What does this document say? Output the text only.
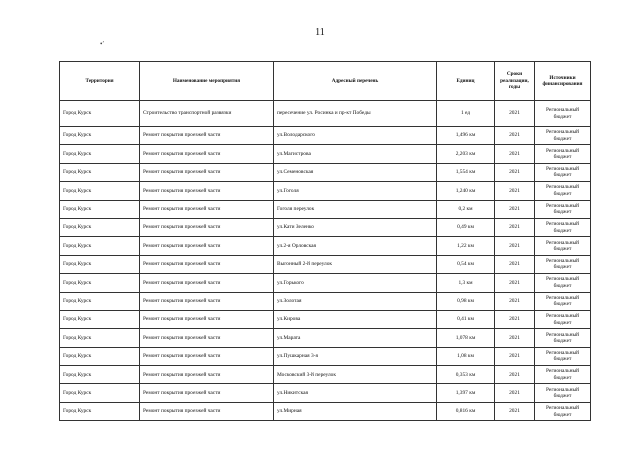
11
•′
Территория	Наименование мероприятия	Адресный перечень	Единиц	Сроки реализации, годы	Источники финансирования
Город Курск	Строительство транспортной развязки	пересечение ул. Росинка и пр-кт Победы	1 ед	2021	Региональный бюджет
Город Курск	Ремонт покрытия проезжей части	ул.Володарского	1,496 км	2021	Региональный бюджет
Город Курск	Ремонт покрытия проезжей части	ул.Магистрова	2,203 км	2021	Региональный бюджет
Город Курск	Ремонт покрытия проезжей части	ул.Семеновская	1,554 км	2021	Региональный бюджет
Город Курск	Ремонт покрытия проезжей части	ул.Гоголя	1,240 км	2021	Региональный бюджет
Город Курск	Ремонт покрытия проезжей части	Гоголя переулок	0,2 км	2021	Региональный бюджет
Город Курск	Ремонт покрытия проезжей части	ул.Кати Зеленко	0,49 км	2021	Региональный бюджет
Город Курск	Ремонт покрытия проезжей части	ул.2-я Орловская	1,22 км	2021	Региональный бюджет
Город Курск	Ремонт покрытия проезжей части	Выгонный 2-й переулок	0,54 км	2021	Региональный бюджет
Город Курск	Ремонт покрытия проезжей части	ул.Горького	1,3 км	2021	Региональный бюджет
Город Курск	Ремонт покрытия проезжей части	ул.Золотая	0,98 км	2021	Региональный бюджет
Город Курск	Ремонт покрытия проезжей части	ул.Кирова	0,41 км	2021	Региональный бюджет
Город Курск	Ремонт покрытия проезжей части	ул.Марата	1,078 км	2021	Региональный бюджет
Город Курск	Ремонт покрытия проезжей части	ул.Пушкарная 3-я	1,08 км	2021	Региональный бюджет
Город Курск	Ремонт покрытия проезжей части	Московский 3-й переулок	0,353 км	2021	Региональный бюджет
Город Курск	Ремонт покрытия проезжей части	ул.Никитская	1,397 км	2021	Региональный бюджет
Город Курск	Ремонт покрытия проезжей части	ул.Мирная	0,816 км	2021	Региональный бюджет
